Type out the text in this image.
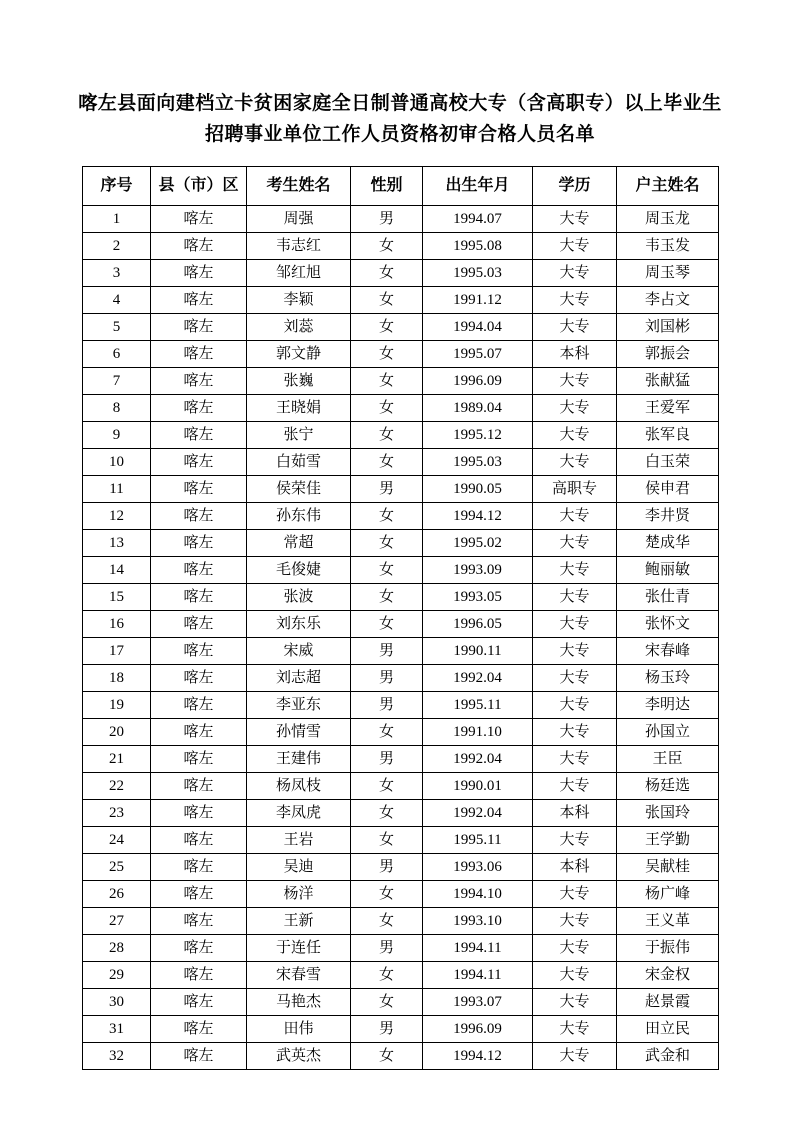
喀左县面向建档立卡贫困家庭全日制普通高校大专（含高职专）以上毕业生
招聘事业单位工作人员资格初审合格人员名单
序号	县（市）区	考生姓名	性别	出生年月	学历	户主姓名
1	喀左	周强	男	1994.07	大专	周玉龙
2	喀左	韦志红	女	1995.08	大专	韦玉发
3	喀左	邹红旭	女	1995.03	大专	周玉琴
4	喀左	李颖	女	1991.12	大专	李占文
5	喀左	刘蕊	女	1994.04	大专	刘国彬
6	喀左	郭文静	女	1995.07	本科	郭振会
7	喀左	张巍	女	1996.09	大专	张献猛
8	喀左	王晓娟	女	1989.04	大专	王爱军
9	喀左	张宁	女	1995.12	大专	张军良
10	喀左	白茹雪	女	1995.03	大专	白玉荣
11	喀左	侯荣佳	男	1990.05	高职专	侯申君
12	喀左	孙东伟	女	1994.12	大专	李井贤
13	喀左	常超	女	1995.02	大专	楚成华
14	喀左	毛俊婕	女	1993.09	大专	鲍丽敏
15	喀左	张波	女	1993.05	大专	张仕青
16	喀左	刘东乐	女	1996.05	大专	张怀文
17	喀左	宋威	男	1990.11	大专	宋春峰
18	喀左	刘志超	男	1992.04	大专	杨玉玲
19	喀左	李亚东	男	1995.11	大专	李明达
20	喀左	孙情雪	女	1991.10	大专	孙国立
21	喀左	王建伟	男	1992.04	大专	王臣
22	喀左	杨凤枝	女	1990.01	大专	杨廷选
23	喀左	李凤虎	女	1992.04	本科	张国玲
24	喀左	王岩	女	1995.11	大专	王学勤
25	喀左	吴迪	男	1993.06	本科	吴献桂
26	喀左	杨洋	女	1994.10	大专	杨广峰
27	喀左	王新	女	1993.10	大专	王义革
28	喀左	于连任	男	1994.11	大专	于振伟
29	喀左	宋春雪	女	1994.11	大专	宋金权
30	喀左	马艳杰	女	1993.07	大专	赵景霞
31	喀左	田伟	男	1996.09	大专	田立民
32	喀左	武英杰	女	1994.12	大专	武金和
